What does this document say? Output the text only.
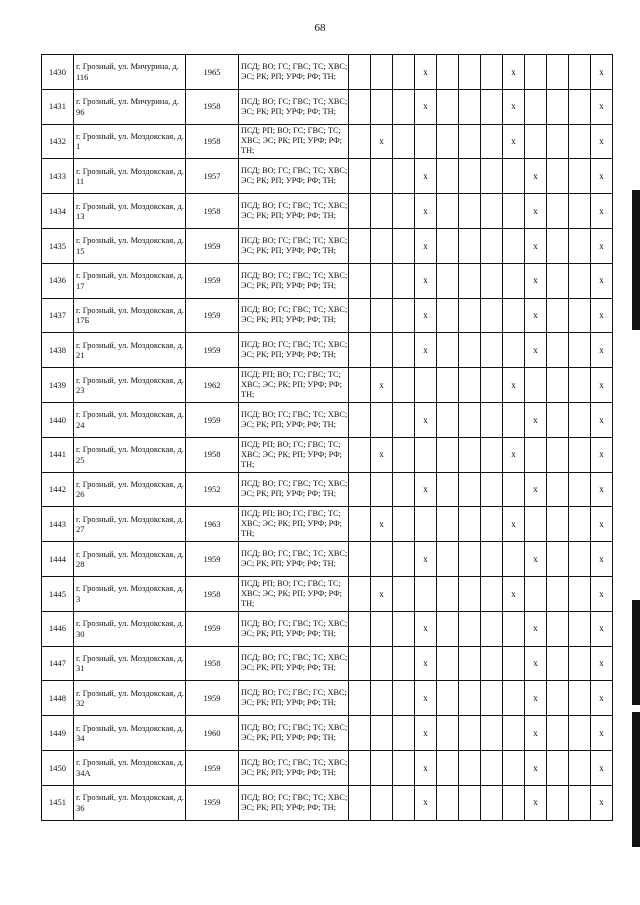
68
1430	г. Грозный, ул. Мичурина, д. 116	1965	ПСД; ВО; ГС; ГВС; ТС; ХВС; ЭС; РК; РП; УРФ; РФ; ТН;				х				х				х
1431	г. Грозный, ул. Мичурина, д. 96	1958	ПСД; ВО; ГС; ГВС; ТС; ХВС; ЭС; РК; РП; УРФ; РФ; ТН;				х				х				х
1432	г. Грозный, ул. Моздокская, д. 1	1958	ПСД; РП; ВО; ГС; ГВС; ТС; ХВС; ЭС; РК; РП; УРФ; РФ; ТН;		х						х				х
1433	г. Грозный, ул. Моздокская, д. 11	1957	ПСД; ВО; ГС; ГВС; ТС; ХВС; ЭС; РК; РП; УРФ; РФ; ТН;				х					х			х
1434	г. Грозный, ул. Моздокская, д. 13	1958	ПСД; ВО; ГС; ГВС; ТС; ХВС; ЭС; РК; РП; УРФ; РФ; ТН;				х					х			х
1435	г. Грозный, ул. Моздокская, д. 15	1959	ПСД; ВО; ГС; ГВС; ТС; ХВС; ЭС; РК; РП; УРФ; РФ; ТН;				х					х			х
1436	г. Грозный, ул. Моздокская, д. 17	1959	ПСД; ВО; ГС; ГВС; ТС; ХВС; ЭС; РК; РП; УРФ; РФ; ТН;				х					х			х
1437	г. Грозный, ул. Моздокская, д. 17Б	1959	ПСД; ВО; ГС; ГВС; ТС; ХВС; ЭС; РК; РП; УРФ; РФ; ТН;				х					х			х
1438	г. Грозный, ул. Моздокская, д. 21	1959	ПСД; ВО; ГС; ГВС; ТС; ХВС; ЭС; РК; РП; УРФ; РФ; ТН;				х					х			х
1439	г. Грозный, ул. Моздокская, д. 23	1962	ПСД; РП; ВО; ГС; ГВС; ТС; ХВС; ЭС; РК; РП; УРФ; РФ; ТН;		х						х				х
1440	г. Грозный, ул. Моздокская, д. 24	1959	ПСД; ВО; ГС; ГВС; ТС; ХВС; ЭС; РК; РП; УРФ; РФ; ТН;				х					х			х
1441	г. Грозный, ул. Моздокская, д. 25	1958	ПСД; РП; ВО; ГС; ГВС; ТС; ХВС; ЭС; РК; РП; УРФ; РФ; ТН;		х						х				х
1442	г. Грозный, ул. Моздокская, д. 26	1952	ПСД; ВО; ГС; ГВС; ТС; ХВС; ЭС; РК; РП; УРФ; РФ; ТН;				х					х			х
1443	г. Грозный, ул. Моздокская, д. 27	1963	ПСД; РП; ВО; ГС; ГВС; ТС; ХВС; ЭС; РК; РП; УРФ; РФ; ТН;		х						х				х
1444	г. Грозный, ул. Моздокская, д. 28	1959	ПСД; ВО; ГС; ГВС; ТС; ХВС; ЭС; РК; РП; УРФ; РФ; ТН;				х					х			х
1445	г. Грозный, ул. Моздокская, д. 3	1958	ПСД; РП; ВО; ГС; ГВС; ТС; ХВС; ЭС; РК; РП; УРФ; РФ; ТН;		х						х				х
1446	г. Грозный, ул. Моздокская, д. 30	1959	ПСД; ВО; ГС; ГВС; ТС; ХВС; ЭС; РК; РП; УРФ; РФ; ТН;				х					х			х
1447	г. Грозный, ул. Моздокская, д. 31	1958	ПСД; ВО; ГС; ГВС; ТС; ХВС; ЭС; РК; РП; УРФ; РФ; ТН;				х					х			х
1448	г. Грозный, ул. Моздокская, д. 32	1959	ПСД; ВО; ГС; ГВС; ГС; ХВС; ЭС; РК; РП; УРФ; РФ; ТН;				х					х			х
1449	г. Грозный, ул. Моздокская, д. 34	1960	ПСД; ВО; ГС; ГВС; ТС; ХВС; ЭС; РК; РП; УРФ; РФ; ТН;				х					х			х
1450	г. Грозный, ул. Моздокская, д. 34А	1959	ПСД; ВО; ГС; ГВС; ТС; ХВС; ЭС; РК; РП; УРФ; РФ; ТН;				х					х			х
1451	г. Грозный, ул. Моздокская, д. 36	1959	ПСД; ВО; ГС; ГВС; ТС; ХВС; ЭС; РК; РП; УРФ; РФ; ТН;				х					х			х
